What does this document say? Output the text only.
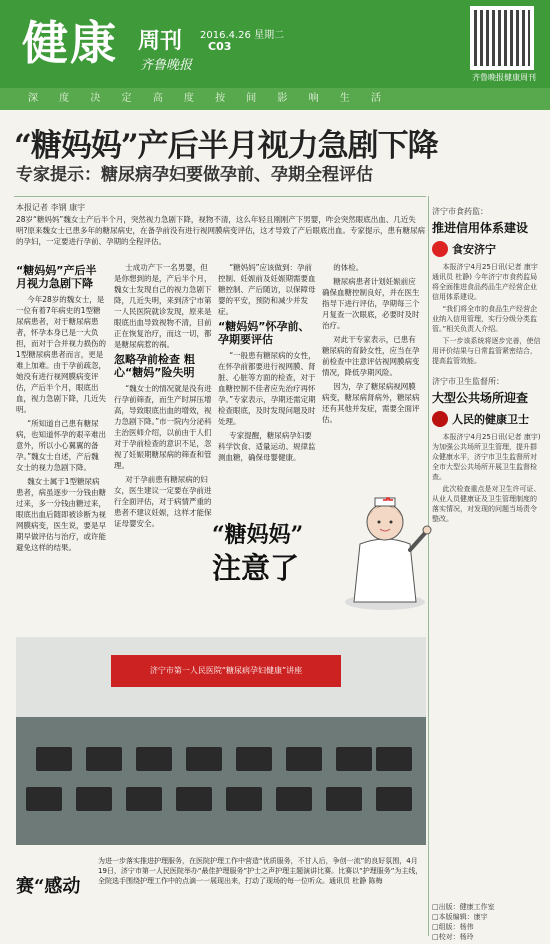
健康 周刊
齐鲁晚报
2016.4.26 星期二
C03
齐鲁晚报健康周刊
深 度 决 定 高 度 按 间 影 响 生 活
“糖妈妈”产后半月视力急剧下降
专家提示：糖尿病孕妇要做孕前、孕期全程评估
本报记者 李钢 康宇
28岁“糖妈妈”魏女士产后半个月，突然视力急剧下降，视物不清，这么年轻且刚刚产下男婴，咋会突然眼底出血、几近失明?原来魏女士已患多年的糖尿病史，在备孕前没有进行视网膜病变评估，这才导致了产后眼底出血。专家提示，患有糖尿病的孕妇，一定要进行孕前、孕期的全程评估。
“糖妈妈”产后半月视力急剧下降

今年28岁的魏女士，是一位有着7年病史的1型糖尿病患者，对于糖尿病患者，怀孕本身已是一大负担，而对于合并视力损伤的1型糖尿病患者而言，更是难上加难。由于孕前疏忽，她没有进行视网膜病变评估，产后半个月，眼底出血，视力急剧下降，几近失明。

“所知道自己患有糖尿病，也知道怀孕的艰辛难出意外，所以小心翼翼的备孕。”魏女士自述，产后魏女士的视力急剧下降。

魏女士属于1型糖尿病患者，病虽逐步一分钱由糖过来，多一分钱由糖过来，眼底出血后随即被诊断为视网膜病变，医生说，要是早期早做评估与治疗，或许能避免这样的结果。

士成功产下一名男婴，但是你想到的是，产后半个月，魏女士发现自己的视力急剧下降，几近失明，来到济宁市第一人民医院就诊发现，原来是眼底出血导致视物不清，目前正在恢复治疗，而这一切，都是糖尿病惹的祸。

忽略孕前检查 粗心“糖妈”险失明

“魏女士的情况就是没有进行孕前筛查，而生产时屏压增高，导致眼底出血的增效，视力急剧下降。”市一院内分泌科主治医师介绍，以前由于人们对于孕前检查的意识不足，忽视了妊娠期糖尿病的筛查和管理。

对于孕前患有糖尿病的妇女，医生建议一定要在孕前进行全面评估，对于病情严重的患者不建议妊娠，这样才能保证母婴安全。

“糖妈妈”应该做到：孕前控制、妊娠前及妊娠期需要血糖控制、产后随访，以保障母婴的平安，预防和减少并发症。

“糖妈妈”怀孕前、孕期要评估

“一般患有糖尿病的女性，在怀孕前都要进行视网膜、肾脏、心脏等方面的检查，对于血糖控制不佳者应先治疗再怀孕。”专家表示，孕期还需定期检查眼底，及时发现问题及时处理。

专家提醒，糖尿病孕妇要科学饮食、适量运动、规律监测血糖，确保母婴健康。

的体检。

糖尿病患者计划妊娠前应确保血糖控制良好，并在医生指导下进行评估，孕期每三个月复查一次眼底，必要时及时治疗。

对此干专家表示，已患有糖尿病的育龄女性，应当在孕前检查中注意评估视网膜病变情况，降低孕期风险。

因为，孕了糖尿病视网膜病变，糖尿病肾病外，糖尿病还有其他并发症，需要全面评估。

“糖妈妈”
注意了
济宁市第一人民医院“糖尿病孕妇健康”讲座
赛“感动
为进一步落实推进护理服务，在医院护理工作中营造“优质服务，不甘人后，争创一流”的良好氛围，4月19日，济宁市第一人民医院举办“最佳护理服务”护士之声护理主题演讲比赛。比赛以“护理服务”为主线，全院选手围绕护理工作中的点滴一一展现出来，打动了现场的每一位听众。通讯员 杜静 陈梅
济宁市食药监：
推进信用体系建设
食安济宁

本报济宁4月25日讯(记者 康宇 通讯员 杜静) 今年济宁市食药监局将全面推进食品药品生产经营企业信用体系建设。

“我们将全市的食品生产经营企业纳入信用管理，实行分级分类监管。”相关负责人介绍。

下一步该系统将逐步完善，使信用评价结果与日常监管紧密结合，提高监管效能。

济宁市卫生监督所：
大型公共场所迎查
人民的健康卫士

本报济宁4月25日讯(记者 康宇) 为加强公共场所卫生管理，提升群众健康水平，济宁市卫生监督所对全市大型公共场所开展卫生监督检查。

此次检查重点是对卫生许可证、从业人员健康证及卫生管理制度的落实情况，对发现的问题当场责令整改。

□出版：健康工作室
□本版编辑：康宇
□组版：杨伟
□校对：杨玲
